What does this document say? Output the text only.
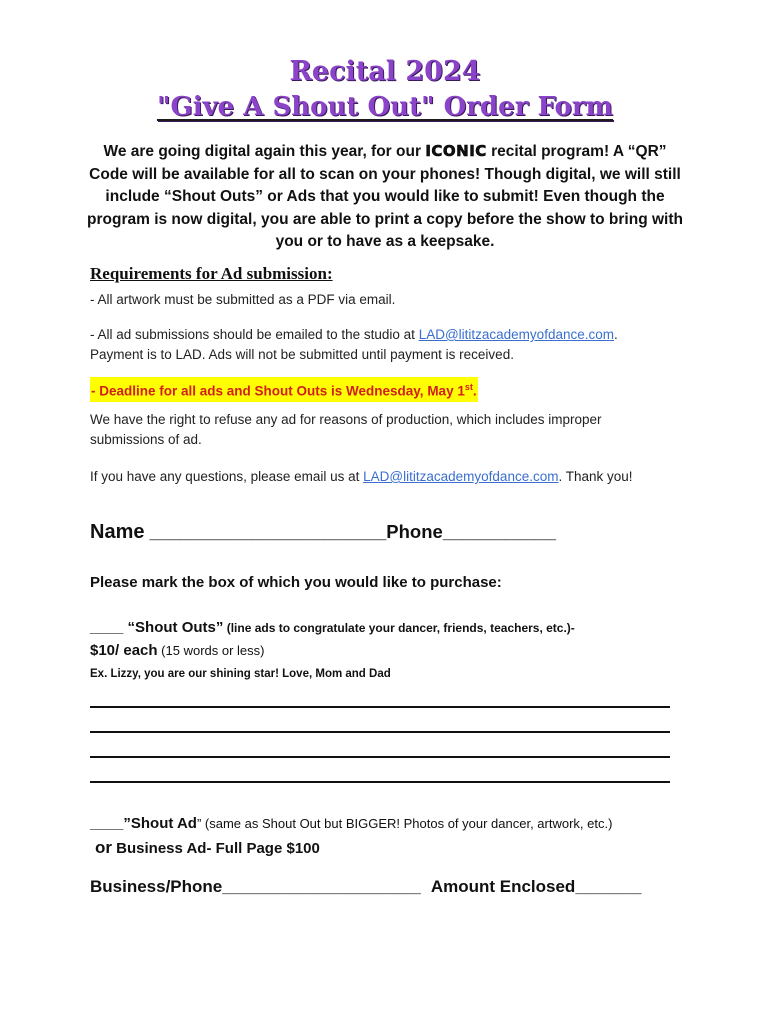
Recital 2024
"Give A Shout Out" Order Form
We are going digital again this year, for our ICONIC recital program! A “QR” Code will be available for all to scan on your phones! Though digital, we will still include “Shout Outs” or Ads that you would like to submit! Even though the program is now digital, you are able to print a copy before the show to bring with you or to have as a keepsake.
Requirements for Ad submission:
- All artwork must be submitted as a PDF via email.
- All ad submissions should be emailed to the studio at LAD@lititzacademyofdance.com.
Payment is to LAD. Ads will not be submitted until payment is received.
- Deadline for all ads and Shout Outs is Wednesday, May 1st.
We have the right to refuse any ad for reasons of production, which includes improper submissions of ad.
If you have any questions, please email us at LAD@lititzacademyofdance.com. Thank you!
Name _______________________Phone___________
Please mark the box of which you would like to purchase:
____ “Shout Outs” (line ads to congratulate your dancer, friends, teachers, etc.)-
$10/ each (15 words or less)
Ex. Lizzy, you are our shining star! Love, Mom and Dad
____”Shout Ad” (same as Shout Out but BIGGER! Photos of your dancer, artwork, etc.)
or Business Ad- Full Page $100
Business/Phone_____________________ Amount Enclosed_______
